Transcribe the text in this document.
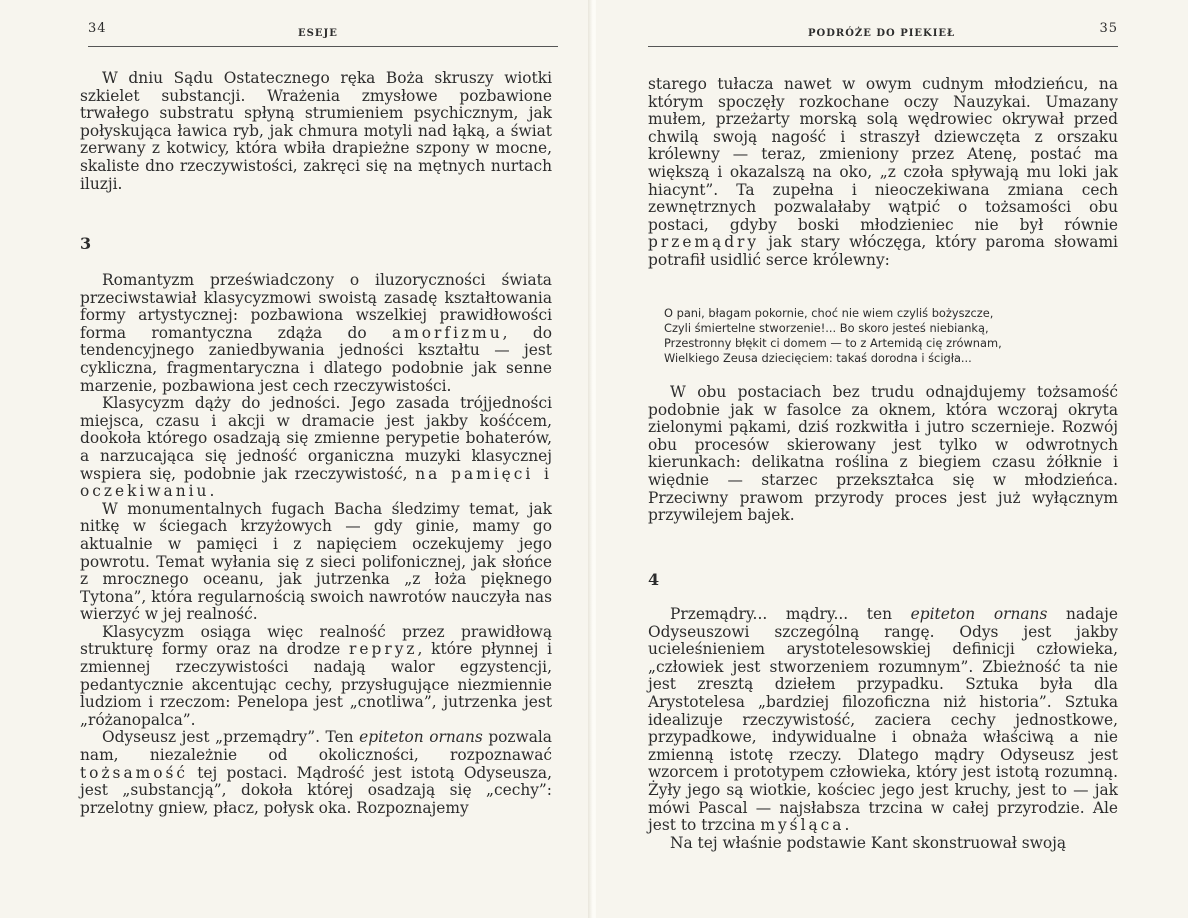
34	ESEJE

W dniu Sądu Ostatecznego ręka Boża skruszy wiotki szkielet substancji. Wrażenia zmysłowe pozbawione trwałego substratu spłyną strumieniem psychicznym, jak połyskująca ławica ryb, jak chmura motyli nad łąką, a świat zerwany z kotwicy, która wbiła drapieżne szpony w mocne, skaliste dno rzeczywistości, zakręci się na mętnych nurtach iluzji.

3

Romantyzm przeświadczony o iluzoryczności świata przeciwstawiał klasycyzmowi swoistą zasadę kształtowania formy artystycznej: pozbawiona wszelkiej prawidłowości forma romantyczna zdąża do amorfizmu, do tendencyjnego zaniedbywania jedności kształtu — jest cykliczna, fragmentaryczna i dlatego podobnie jak senne marzenie, pozbawiona jest cech rzeczywistości.

Klasycyzm dąży do jedności. Jego zasada trójjedności miejsca, czasu i akcji w dramacie jest jakby kośćcem, dookoła którego osadzają się zmienne perypetie bohaterów, a narzucająca się jedność organiczna muzyki klasycznej wspiera się, podobnie jak rzeczywistość, na pamięci i oczekiwaniu.

W monumentalnych fugach Bacha śledzimy temat, jak nitkę w ściegach krzyżowych — gdy ginie, mamy go aktualnie w pamięci i z napięciem oczekujemy jego powrotu. Temat wyłania się z sieci polifonicznej, jak słońce z mrocznego oceanu, jak jutrzenka „z łoża pięknego Tytona”, która regularnością swoich nawrotów nauczyła nas wierzyć w jej realność.

Klasycyzm osiąga więc realność przez prawidłową strukturę formy oraz na drodze repryz, które płynnej i zmiennej rzeczywistości nadają walor egzystencji, pedantycznie akcentując cechy, przysługujące niezmiennie ludziom i rzeczom: Penelopa jest „cnotliwa”, jutrzenka jest „różanopalca”.

Odyseusz jest „przemądry”. Ten epiteton ornans pozwala nam, niezależnie od okoliczności, rozpoznawać tożsamość tej postaci. Mądrość jest istotą Odyseusza, jest „substancją”, dokoła której osadzają się „cechy”: przelotny gniew, płacz, połysk oka. Rozpoznajemy

PODRÓŻE DO PIEKIEŁ	35

starego tułacza nawet w owym cudnym młodzieńcu, na którym spoczęły rozkochane oczy Nauzykai. Umazany mułem, przeżarty morską solą wędrowiec okrywał przed chwilą swoją nagość i straszył dziewczęta z orszaku królewny — teraz, zmieniony przez Atenę, postać ma większą i okazalszą na oko, „z czoła spływają mu loki jak hiacynt”. Ta zupełna i nieoczekiwana zmiana cech zewnętrznych pozwalałaby wątpić o tożsamości obu postaci, gdyby boski młodzieniec nie był równie przemądry jak stary włóczęga, który paroma słowami potrafił usidlić serce królewny:

O pani, błagam pokornie, choć nie wiem czyliś bożyszcze,
Czyli śmiertelne stworzenie!... Bo skoro jesteś niebianką,
Przestronny błękit ci domem — to z Artemidą cię zrównam,
Wielkiego Zeusa dziecięciem: takaś dorodna i ścigła...

W obu postaciach bez trudu odnajdujemy tożsamość podobnie jak w fasolce za oknem, która wczoraj okryta zielonymi pąkami, dziś rozkwitła i jutro sczernieje. Rozwój obu procesów skierowany jest tylko w odwrotnych kierunkach: delikatna roślina z biegiem czasu żółknie i więdnie — starzec przekształca się w młodzieńca. Przeciwny prawom przyrody proces jest już wyłącznym przywilejem bajek.

4

Przemądry... mądry... ten epiteton ornans nadaje Odyseuszowi szczególną rangę. Odys jest jakby ucieleśnieniem arystotelesowskiej definicji człowieka, „człowiek jest stworzeniem rozumnym”. Zbieżność ta nie jest zresztą dziełem przypadku. Sztuka była dla Arystotelesa „bardziej filozoficzna niż historia”. Sztuka idealizuje rzeczywistość, zaciera cechy jednostkowe, przypadkowe, indywidualne i obnaża właściwą a nie zmienną istotę rzeczy. Dlatego mądry Odyseusz jest wzorcem i prototypem człowieka, który jest istotą rozumną. Żyły jego są wiotkie, kościec jego jest kruchy, jest to — jak mówi Pascal — najsłabsza trzcina w całej przyrodzie. Ale jest to trzcina myśląca.

Na tej właśnie podstawie Kant skonstruował swoją
